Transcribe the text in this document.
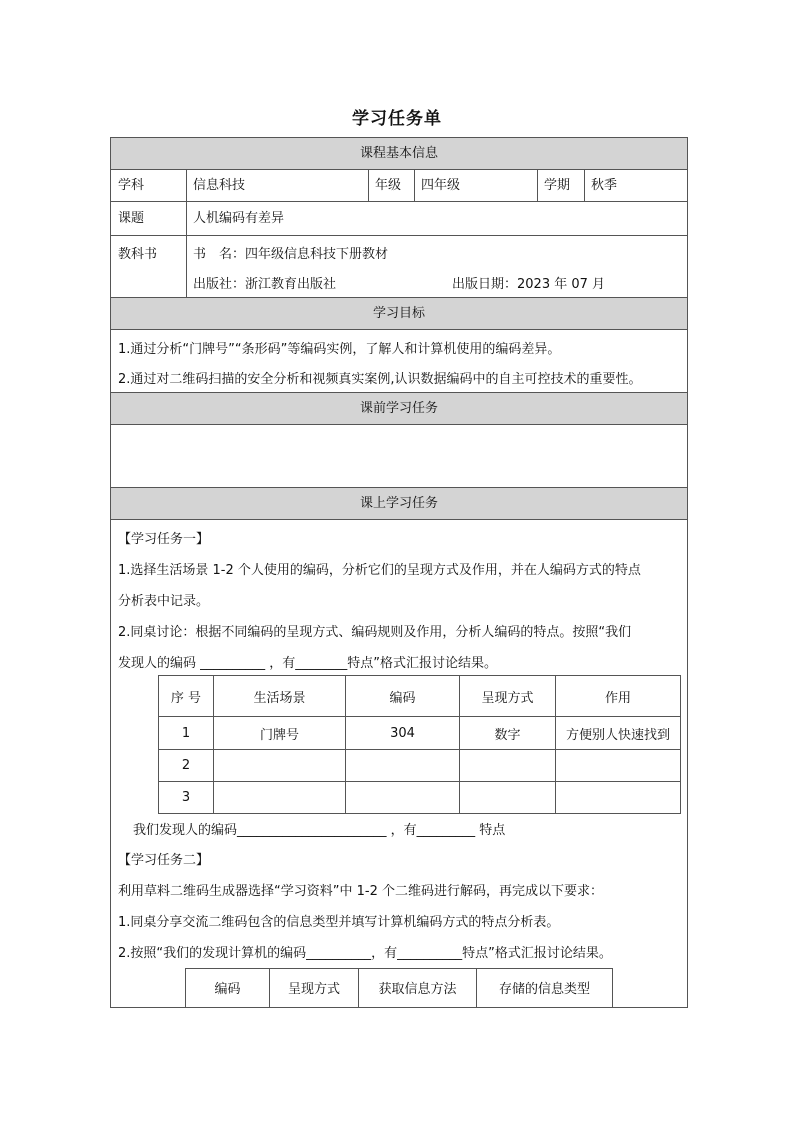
学习任务单
课程基本信息
学科	信息科技	年级	四年级	学期	秋季
课题	人机编码有差异
教科书	书　名：四年级信息科技下册教材
出版社：浙江教育出版社	出版日期：2023 年 07 月
学习目标
1.通过分析“门牌号”“条形码”等编码实例，了解人和计算机使用的编码差异。
2.通过对二维码扫描的安全分析和视频真实案例,认识数据编码中的自主可控技术的重要性。
课前学习任务
课上学习任务
【学习任务一】
1.选择生活场景 1-2 个人使用的编码，分析它们的呈现方式及作用，并在人编码方式的特点
分析表中记录。
2.同桌讨论：根据不同编码的呈现方式、编码规则及作用，分析人编码的特点。按照“我们
发现人的编码 __________ ，有________特点”格式汇报讨论结果。
序 号	生活场景	编码	呈现方式	作用
1	门牌号	304	数字	方便别人快速找到
2				
3				
我们发现人的编码_______________________ ，有_________ 特点
【学习任务二】
利用草料二维码生成器选择“学习资料”中 1-2 个二维码进行解码，再完成以下要求：
1.同桌分享交流二维码包含的信息类型并填写计算机编码方式的特点分析表。
2.按照“我们的发现计算机的编码__________，有__________特点”格式汇报讨论结果。
编码	呈现方式	获取信息方法	存储的信息类型
